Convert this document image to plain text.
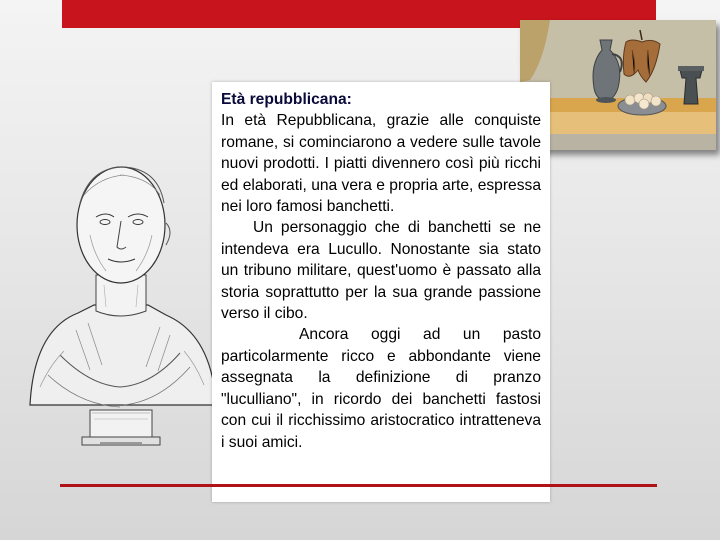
Età repubblicana:

In età Repubblicana, grazie alle conquiste romane, si cominciarono a vedere sulle tavole nuovi prodotti. I piatti divennero così più ricchi ed elaborati, una vera e propria arte, espressa nei loro famosi banchetti.

Un personaggio che di banchetti se ne intendeva era Lucullo. Nonostante sia stato un tribuno militare, quest'uomo è passato alla storia soprattutto per la sua grande passione verso il cibo.

Ancora oggi ad un pasto particolarmente ricco e abbondante viene assegnata la definizione di pranzo "luculliano", in ricordo dei banchetti fastosi con cui il ricchissimo aristocratico intratteneva i suoi amici.
